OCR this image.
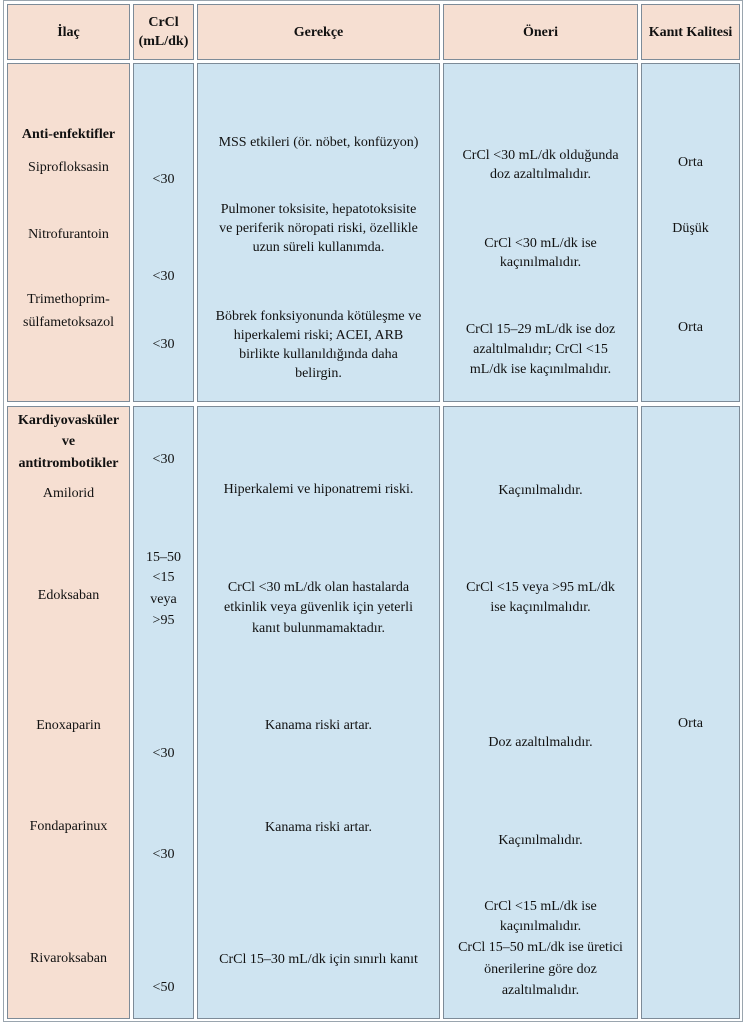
İlaç
CrCl
(mL/dk)
Gerekçe	Öneri	Kanıt Kalitesi
Anti-enfektifler
Siprofloksasin
Nitrofurantoin
Trimethoprim-
sülfametoksazol
<30
<30
<30
MSS etkileri (ör. nöbet, konfüzyon)
Pulmoner toksisite, hepatotoksisite
ve periferik nöropati riski, özellikle
uzun süreli kullanımda.
Böbrek fonksiyonunda kötüleşme ve
hiperkalemi riski; ACEI, ARB
birlikte kullanıldığında daha
belirgin.
CrCl <30 mL/dk olduğunda
doz azaltılmalıdır.
CrCl <30 mL/dk ise
kaçınılmalıdır.
CrCl 15–29 mL/dk ise doz
azaltılmalıdır; CrCl <15
mL/dk ise kaçınılmalıdır.
Orta
Düşük
Orta
Kardiyovasküler
ve
antitrombotikler
Amilorid
Edoksaban
Enoxaparin
Fondaparinux
Rivaroksaban
<30
15–50
<15
veya
>95
<30
<30
<50
Hiperkalemi ve hiponatremi riski.
CrCl <30 mL/dk olan hastalarda
etkinlik veya güvenlik için yeterli
kanıt bulunmamaktadır.
Kanama riski artar.
Kanama riski artar.
CrCl 15–30 mL/dk için sınırlı kanıt
Kaçınılmalıdır.
CrCl <15 veya >95 mL/dk
ise kaçınılmalıdır.
Doz azaltılmalıdır.
Kaçınılmalıdır.
CrCl <15 mL/dk ise
kaçınılmalıdır.
CrCl 15–50 mL/dk ise üretici
önerilerine göre doz
azaltılmalıdır.
Orta
